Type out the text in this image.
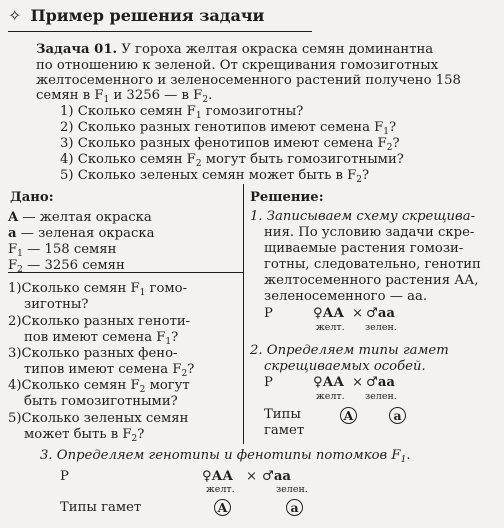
✧ Пример решения задачи
Задача 01. У гороха желтая окраска семян доминантна
по отношению к зеленой. От скрещивания гомозиготных
желтосеменного и зеленосеменного растений получено 158
семян в $F_1$ и 3256 — в $F_2$.
1) Сколько семян $F_1$ гомозиготны?
2) Сколько разных генотипов имеют семена $F_1$?
3) Сколько разных фенотипов имеют семена $F_2$?
4) Сколько семян $F_2$ могут быть гомозиготными?
5) Сколько зеленых семян может быть в $F_2$?
Дано:
A — желтая окраска
a — зеленая окраска
$F_1$ — 158 семян
$F_2$ — 3256 семян
1)Сколько семян $F_1$ гомо-
зиготны?
2)Сколько разных геноти-
пов имеют семена $F_1$?
3)Сколько разных фено-
типов имеют семена $F_2$?
4)Сколько семян $F_2$ могут
быть гомозиготными?
5)Сколько зеленых семян
может быть в $F_2$?
Решение:
1. Записываем схему скрещива-
ния. По условию задачи скре-
щиваемые растения гомози-
готны, следовательно, генотип
желтосеменного растения АА,
зеленосеменного — аа.
Р	♀АА × ♂аа
желт. зелен.
2. Определяем типы гамет
скрещиваемых особей.
Р	♀АА × ♂аа
желт. зелен.
Типы
гамет
А	а
3. Определяем генотипы и фенотипы потомков $F_1$.
Р	♀АА × ♂аа
желт.	зелен.
Типы гамет	А	а
